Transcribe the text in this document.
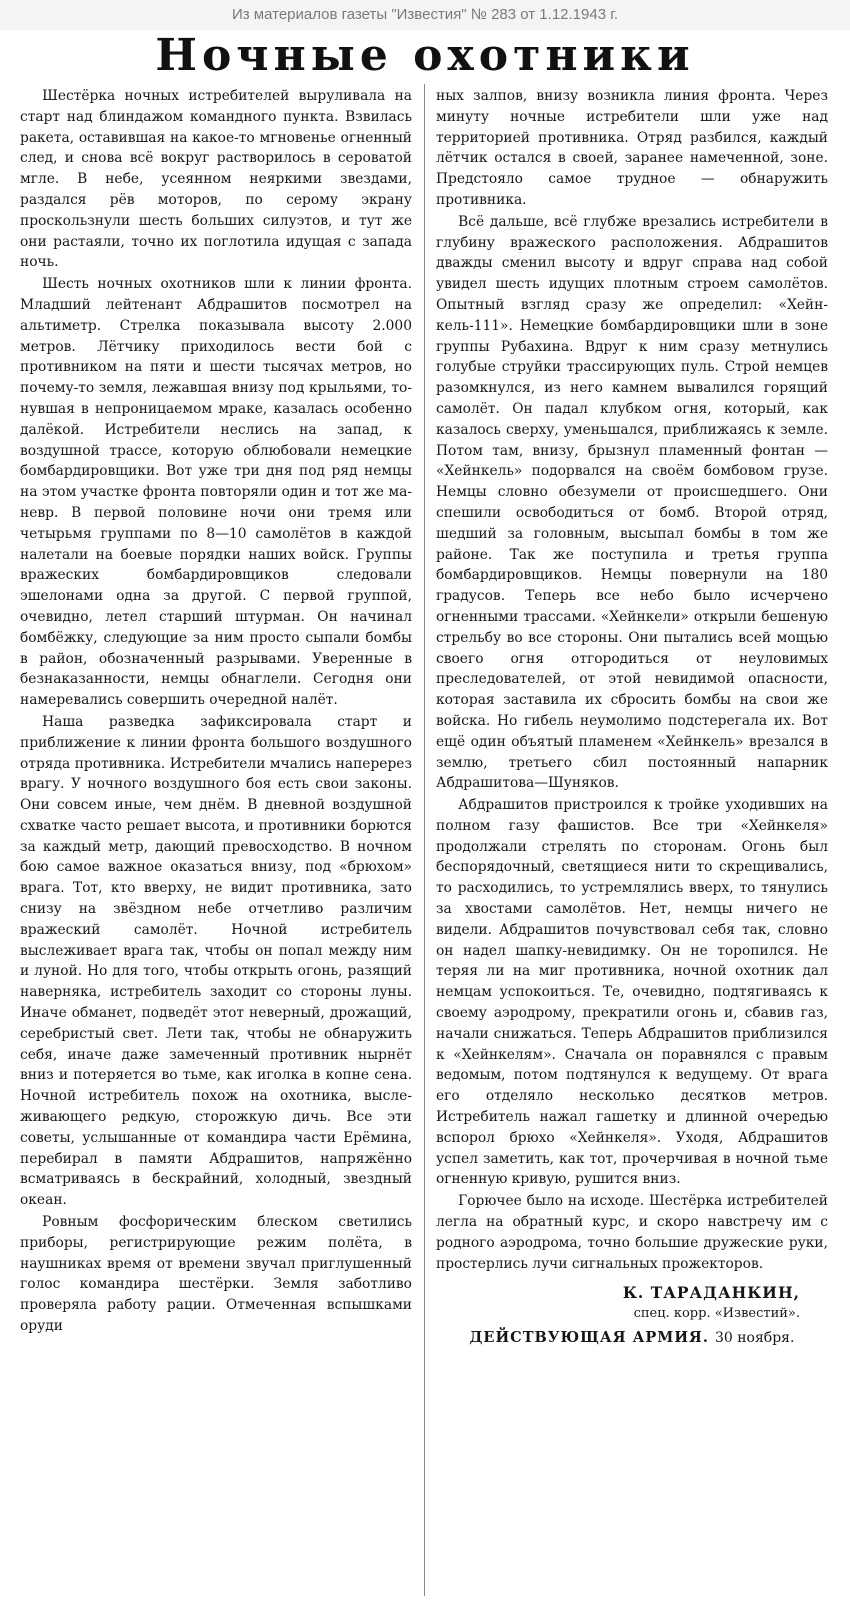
Из материалов газеты "Известия" № 283 от 1.12.1943 г.
Ночные охотники

Шестёрка ночных истребителей выруливала на старт над блиндажом командного пункта. Взвилась ракета, оставившая на какое-то мгновенье огненный след, и снова всё вокруг растворилось в сероватой мгле. В небе, усеянном неяркими звездами, раздался рёв моторов, по серому экрану проскользнули шесть больших силуэтов, и тут же они растаяли, точно их поглотила идущая с запада ночь.

Шесть ночных охотников шли к линии фронта. Младший лейтенант Абдрашитов посмотрел на альтиметр. Стрелка показывала высоту 2.000 метров. Лётчику приходилось вести бой с противником на пяти и шести тысячах метров, но почему-то земля, лежавшая внизу под крыльями, тонувшая в непроницаемом мраке, казалась особенно далёкой. Истребители неслись на запад, к воздушной трассе, которую облюбовали немецкие бомбардировщики. Вот уже три дня под ряд немцы на этом участке фронта повторяли один и тот же маневр. В первой половине ночи они тремя или четырьмя группами по 8—10 самолётов в каждой налетали на боевые порядки наших войск. Группы вражеских бомбардировщиков следовали эшелонами одна за другой. С первой группой, очевидно, летел старший штурман. Он начинал бомбёжку, следующие за ним просто сыпали бомбы в район, обозначенный разрывами. Уверенные в безнаказанности, немцы обнаглели. Сегодня они намеревались совершить очередной налёт.

Наша разведка зафиксировала старт и приближение к линии фронта большого воздушного отряда противника. Истребители мчались наперерез врагу. У ночного воздушного боя есть свои законы. Они совсем иные, чем днём. В дневной воздушной схватке часто решает высота, и противники борются за каждый метр, дающий превосходство. В ночном бою самое важное оказаться внизу, под «брюхом» врага. Тот, кто вверху, не видит противника, зато снизу на звёздном небе отчетливо различим вражеский самолёт. Ночной истребитель выслеживает врага так, чтобы он попал между ним и луной. Но для того, чтобы открыть огонь, разящий наверняка, истребитель заходит со стороны луны. Иначе обманет, подведёт этот неверный, дрожащий, серебристый свет. Лети так, чтобы не обнаружить себя, иначе даже замеченный противник нырнёт вниз и потеряется во тьме, как иголка в копне сена. Ночной истребитель похож на охотника, выслеживающего редкую, сторожкую дичь. Все эти советы, услышанные от командира части Ерёмина, перебирал в памяти Абдрашитов, напряжённо всматриваясь в бескрайний, холодный, звездный океан.

Ровным фосфорическим блеском светились приборы, регистрирующие режим полёта, в наушниках время от времени звучал приглушенный голос командира шестёрки. Земля заботливо проверяла работу рации. Отмеченная вспышками оруди

ных залпов, внизу возникла линия фронта. Через минуту ночные истребители шли уже над территорией противника. Отряд разбился, каждый лётчик остался в своей, заранее намеченной, зоне. Предстояло самое трудное — обнаружить противника.

Всё дальше, всё глубже врезались истребители в глубину вражеского расположения. Абдрашитов дважды сменил высоту и вдруг справа над собой увидел шесть идущих плотным строем самолётов. Опытный взгляд сразу же определил: «Хейнкель-111». Немецкие бомбардировщики шли в зоне группы Рубахина. Вдруг к ним сразу метнулись голубые струйки трассирующих пуль. Строй немцев разомкнулся, из него камнем вывалился горящий самолёт. Он падал клубком огня, который, как казалось сверху, уменьшался, приближаясь к земле. Потом там, внизу, брызнул пламенный фонтан — «Хейнкель» подорвался на своём бомбовом грузе. Немцы словно обезумели от происшедшего. Они спешили освободиться от бомб. Второй отряд, шедший за головным, высыпал бомбы в том же районе. Так же поступила и третья группа бомбардировщиков. Немцы повернули на 180 градусов. Теперь все небо было исчерчено огненными трассами. «Хейнкели» открыли бешеную стрельбу во все стороны. Они пытались всей мощью своего огня отгородиться от неуловимых преследователей, от этой невидимой опасности, которая заставила их сбросить бомбы на свои же войска. Но гибель неумолимо подстерегала их. Вот ещё один объятый пламенем «Хейнкель» врезался в землю, третьего сбил постоянный напарник Абдрашитова—Шуняков.

Абдрашитов пристроился к тройке уходивших на полном газу фашистов. Все три «Хейнкеля» продолжали стрелять по сторонам. Огонь был беспорядочный, светящиеся нити то скрещивались, то расходились, то устремлялись вверх, то тянулись за хвостами самолётов. Нет, немцы ничего не видели. Абдрашитов почувствовал себя так, словно он надел шапку-невидимку. Он не торопился. Не теряя ли на миг противника, ночной охотник дал немцам успокоиться. Те, очевидно, подтягиваясь к своему аэродрому, прекратили огонь и, сбавив газ, начали снижаться. Теперь Абдрашитов приблизился к «Хейнкелям». Сначала он поравнялся с правым ведомым, потом подтянулся к ведущему. От врага его отделяло несколько десятков метров. Истребитель нажал гашетку и длинной очередью вспорол брюхо «Хейнкеля». Уходя, Абдрашитов успел заметить, как тот, прочерчивая в ночной тьме огненную кривую, рушится вниз.

Горючее было на исходе. Шестёрка истребителей легла на обратный курс, и скоро навстречу им с родного аэродрома, точно большие дружеские руки, простерлись лучи сигнальных прожекторов.

К. ТАРАДАНКИН,
спец. корр. «Известий».
ДЕЙСТВУЮЩАЯ АРМИЯ. 30 ноября.
